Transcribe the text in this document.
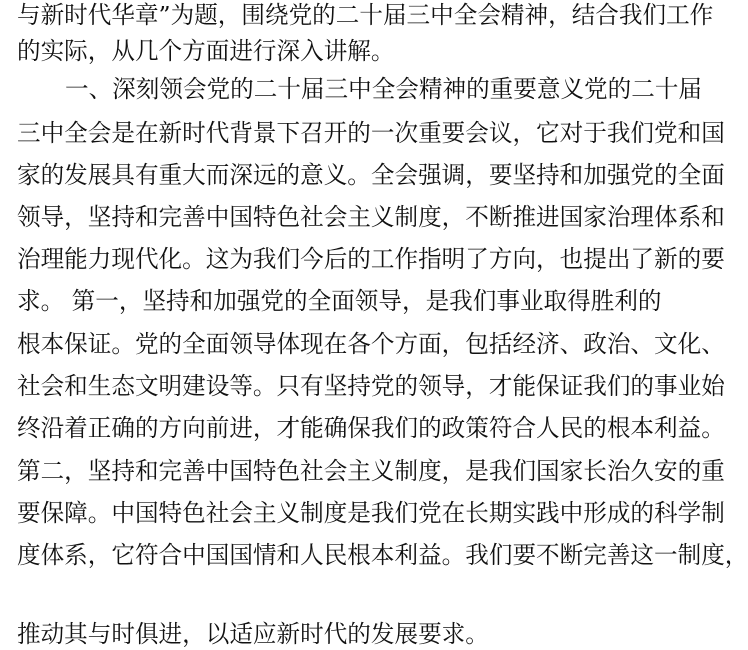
与新时代华章”为题，围绕党的二十届三中全会精神，结合我们工作
的实际，从几个方面进行深入讲解。
一、深刻领会党的二十届三中全会精神的重要意义党的二十届
三中全会是在新时代背景下召开的一次重要会议，它对于我们党和国
家的发展具有重大而深远的意义。全会强调，要坚持和加强党的全面
领导，坚持和完善中国特色社会主义制度，不断推进国家治理体系和
治理能力现代化。这为我们今后的工作指明了方向，也提出了新的要
求。 第一，坚持和加强党的全面领导，是我们事业取得胜利的
根本保证。党的全面领导体现在各个方面，包括经济、政治、文化、
社会和生态文明建设等。只有坚持党的领导，才能保证我们的事业始
终沿着正确的方向前进，才能确保我们的政策符合人民的根本利益。
第二，坚持和完善中国特色社会主义制度，是我们国家长治久安的重
要保障。中国特色社会主义制度是我们党在长期实践中形成的科学制
度体系，它符合中国国情和人民根本利益。我们要不断完善这一制度，
推动其与时俱进，以适应新时代的发展要求。
